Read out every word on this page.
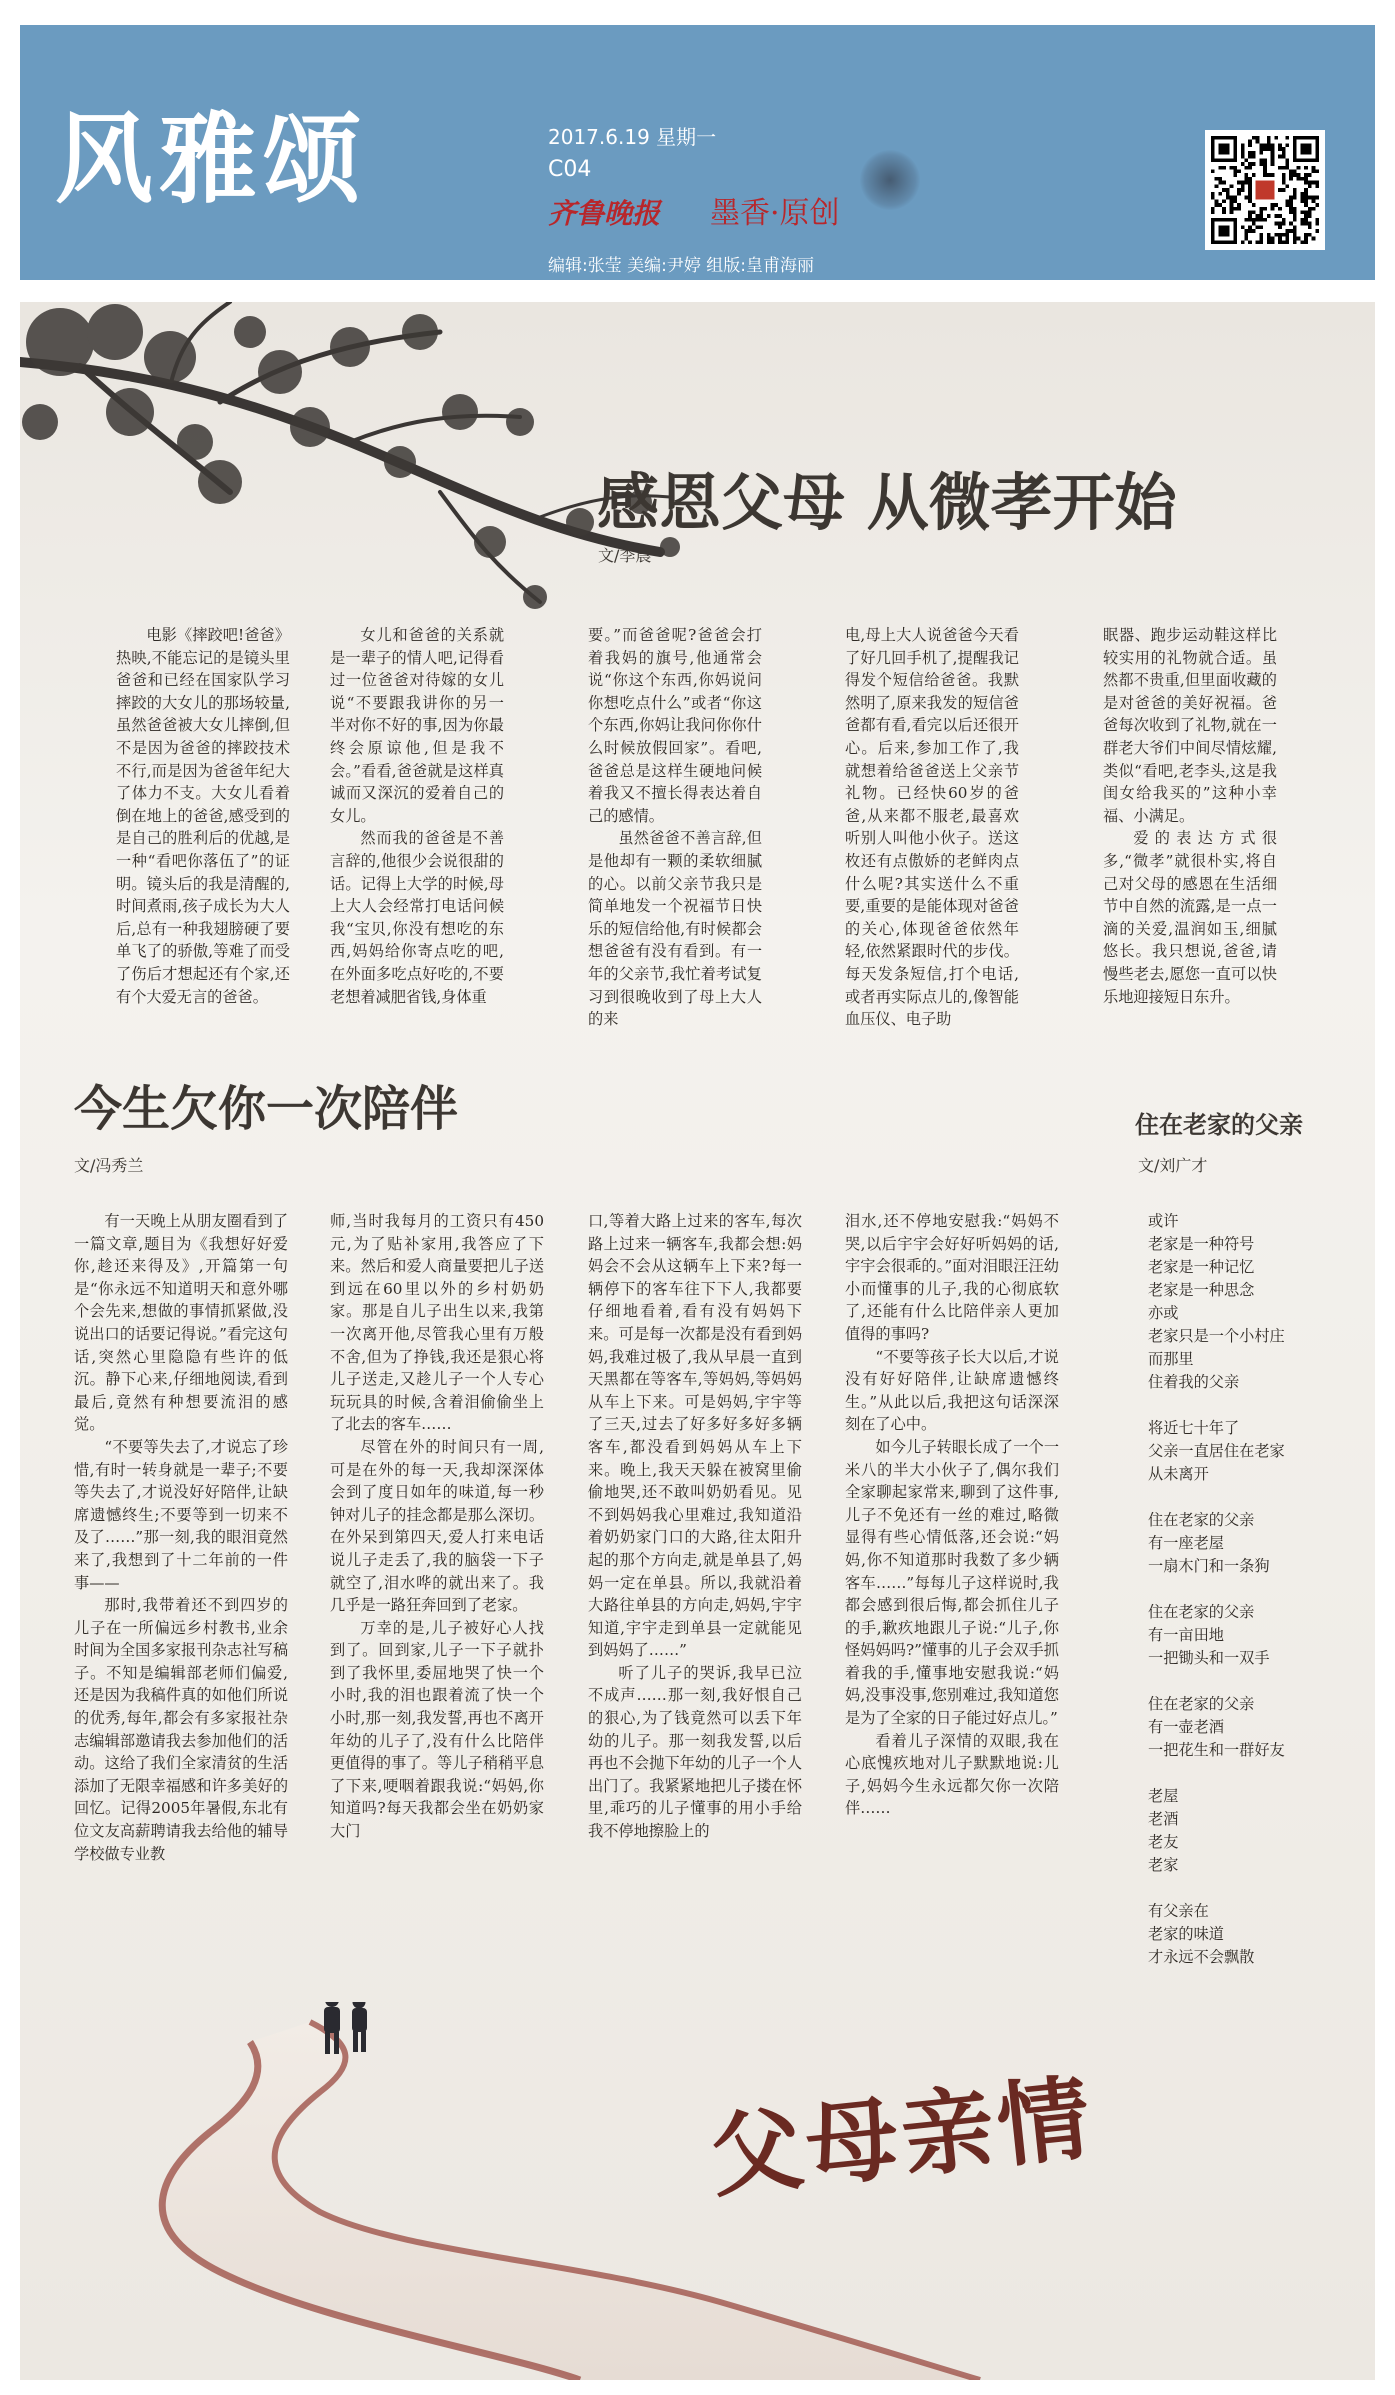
风雅颂	2017.6.19 星期一
C04
齐鲁晚报 墨香·原创
编辑:张莹 美编:尹婷 组版:皇甫海丽
感恩父母 从微孝开始
文/李晨

电影《摔跤吧!爸爸》热映,不能忘记的是镜头里爸爸和已经在国家队学习摔跤的大女儿的那场较量,虽然爸爸被大女儿摔倒,但不是因为爸爸的摔跤技术不行,而是因为爸爸年纪大了体力不支。大女儿看着倒在地上的爸爸,感受到的是自己的胜利后的优越,是一种“看吧你落伍了”的证明。镜头后的我是清醒的,时间煮雨,孩子成长为大人后,总有一种我翅膀硬了要单飞了的骄傲,等难了而受了伤后才想起还有个家,还有个大爱无言的爸爸。

女儿和爸爸的关系就是一辈子的情人吧,记得看过一位爸爸对待嫁的女儿说“不要跟我讲你的另一半对你不好的事,因为你最终会原谅他,但是我不会。”看看,爸爸就是这样真诚而又深沉的爱着自己的女儿。

然而我的爸爸是不善言辞的,他很少会说很甜的话。记得上大学的时候,母上大人会经常打电话问候我“宝贝,你没有想吃的东西,妈妈给你寄点吃的吧,在外面多吃点好吃的,不要老想着减肥省钱,身体重

要。”而爸爸呢?爸爸会打着我妈的旗号,他通常会说“你这个东西,你妈说问你想吃点什么”或者“你这个东西,你妈让我问你你什么时候放假回家”。看吧,爸爸总是这样生硬地问候着我又不擅长得表达着自己的感情。

虽然爸爸不善言辞,但是他却有一颗的柔软细腻的心。以前父亲节我只是简单地发一个祝福节日快乐的短信给他,有时候都会想爸爸有没有看到。有一年的父亲节,我忙着考试复习到很晚收到了母上大人的来

电,母上大人说爸爸今天看了好几回手机了,提醒我记得发个短信给爸爸。我默然明了,原来我发的短信爸爸都有看,看完以后还很开心。后来,参加工作了,我就想着给爸爸送上父亲节礼物。已经快60岁的爸爸,从来都不服老,最喜欢听别人叫他小伙子。送这枚还有点傲娇的老鲜肉点什么呢?其实送什么不重要,重要的是能体现对爸爸的关心,体现爸爸依然年轻,依然紧跟时代的步伐。每天发条短信,打个电话,或者再实际点儿的,像智能血压仪、电子助

眠器、跑步运动鞋这样比较实用的礼物就合适。虽然都不贵重,但里面收藏的是对爸爸的美好祝福。爸爸每次收到了礼物,就在一群老大爷们中间尽情炫耀,类似“看吧,老李头,这是我闺女给我买的”这种小幸福、小满足。

爱的表达方式很多,“微孝”就很朴实,将自己对父母的感恩在生活细节中自然的流露,是一点一滴的关爱,温润如玉,细腻悠长。我只想说,爸爸,请慢些老去,愿您一直可以快乐地迎接短日东升。

今生欠你一次陪伴
文/冯秀兰
住在老家的父亲
文/刘广才

有一天晚上从朋友圈看到了一篇文章,题目为《我想好好爱你,趁还来得及》,开篇第一句是“你永远不知道明天和意外哪个会先来,想做的事情抓紧做,没说出口的话要记得说。”看完这句话,突然心里隐隐有些许的低沉。静下心来,仔细地阅读,看到最后,竟然有种想要流泪的感觉。

“不要等失去了,才说忘了珍惜,有时一转身就是一辈子;不要等失去了,才说没好好陪伴,让缺席遗憾终生;不要等到一切来不及了……”那一刻,我的眼泪竟然来了,我想到了十二年前的一件事——

那时,我带着还不到四岁的儿子在一所偏远乡村教书,业余时间为全国多家报刊杂志社写稿子。不知是编辑部老师们偏爱,还是因为我稿件真的如他们所说的优秀,每年,都会有多家报社杂志编辑部邀请我去参加他们的活动。这给了我们全家清贫的生活添加了无限幸福感和许多美好的回忆。记得2005年暑假,东北有位文友高薪聘请我去给他的辅导学校做专业教

师,当时我每月的工资只有450元,为了贴补家用,我答应了下来。然后和爱人商量要把儿子送到远在60里以外的乡村奶奶家。那是自儿子出生以来,我第一次离开他,尽管我心里有万般不舍,但为了挣钱,我还是狠心将儿子送走,又趁儿子一个人专心玩玩具的时候,含着泪偷偷坐上了北去的客车……

尽管在外的时间只有一周,可是在外的每一天,我却深深体会到了度日如年的味道,每一秒钟对儿子的挂念都是那么深切。在外呆到第四天,爱人打来电话说儿子走丢了,我的脑袋一下子就空了,泪水哗的就出来了。我几乎是一路狂奔回到了老家。

万幸的是,儿子被好心人找到了。回到家,儿子一下子就扑到了我怀里,委屈地哭了快一个小时,我的泪也跟着流了快一个小时,那一刻,我发誓,再也不离开年幼的儿子了,没有什么比陪伴更值得的事了。等儿子稍稍平息了下来,哽咽着跟我说:“妈妈,你知道吗?每天我都会坐在奶奶家大门

口,等着大路上过来的客车,每次路上过来一辆客车,我都会想:妈妈会不会从这辆车上下来?每一辆停下的客车往下下人,我都要仔细地看着,看有没有妈妈下来。可是每一次都是没有看到妈妈,我难过极了,我从早晨一直到天黑都在等客车,等妈妈,等妈妈从车上下来。可是妈妈,宇宇等了三天,过去了好多好多好多辆客车,都没看到妈妈从车上下来。晚上,我天天躲在被窝里偷偷地哭,还不敢叫奶奶看见。见不到妈妈我心里难过,我知道沿着奶奶家门口的大路,往太阳升起的那个方向走,就是单县了,妈妈一定在单县。所以,我就沿着大路往单县的方向走,妈妈,宇宇知道,宇宇走到单县一定就能见到妈妈了……”

听了儿子的哭诉,我早已泣不成声……那一刻,我好恨自己的狠心,为了钱竟然可以丢下年幼的儿子。那一刻我发誓,以后再也不会抛下年幼的儿子一个人出门了。我紧紧地把儿子搂在怀里,乖巧的儿子懂事的用小手给我不停地擦脸上的

泪水,还不停地安慰我:“妈妈不哭,以后宇宇会好好听妈妈的话,宇宇会很乖的。”面对泪眼汪汪幼小而懂事的儿子,我的心彻底软了,还能有什么比陪伴亲人更加值得的事吗?

“不要等孩子长大以后,才说没有好好陪伴,让缺席遗憾终生。”从此以后,我把这句话深深刻在了心中。

如今儿子转眼长成了一个一米八的半大小伙子了,偶尔我们全家聊起家常来,聊到了这件事,儿子不免还有一丝的难过,略微显得有些心情低落,还会说:“妈妈,你不知道那时我数了多少辆客车……”每每儿子这样说时,我都会感到很后悔,都会抓住儿子的手,歉疚地跟儿子说:“儿子,你怪妈妈吗?”懂事的儿子会双手抓着我的手,懂事地安慰我说:“妈妈,没事没事,您别难过,我知道您是为了全家的日子能过好点儿。”

看着儿子深情的双眼,我在心底愧疚地对儿子默默地说:儿子,妈妈今生永远都欠你一次陪伴……

或许
老家是一种符号
老家是一种记忆
老家是一种思念
亦或
老家只是一个小村庄
而那里
住着我的父亲
将近七十年了
父亲一直居住在老家
从未离开
住在老家的父亲
有一座老屋
一扇木门和一条狗
住在老家的父亲
有一亩田地
一把锄头和一双手
住在老家的父亲
有一壶老酒
一把花生和一群好友
老屋
老酒
老友
老家
有父亲在
老家的味道
才永远不会飘散
父母亲情
